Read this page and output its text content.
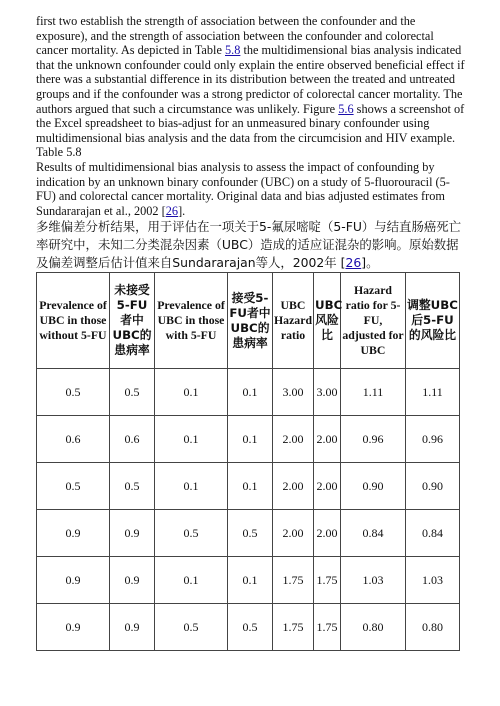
first two establish the strength of association between the confounder and the exposure), and the strength of association between the confounder and colorectal cancer mortality. As depicted in Table 5.8 the multidimensional bias analysis indicated that the unknown confounder could only explain the entire observed beneficial effect if there was a substantial difference in its distribution between the treated and untreated groups and if the confounder was a strong predictor of colorectal cancer mortality. The authors argued that such a circumstance was unlikely. Figure 5.6 shows a screenshot of the Excel spreadsheet to bias-adjust for an unmeasured binary confounder using multidimensional bias analysis and the data from the circumcision and HIV example.

Table 5.8

Results of multidimensional bias analysis to assess the impact of confounding by indication by an unknown binary confounder (UBC) on a study of 5-fluorouracil (5-FU) and colorectal cancer mortality. Original data and bias adjusted estimates from Sundararajan et al., 2002 [26].

多维偏差分析结果，用于评估在一项关于5-氟尿嘧啶（5-FU）与结直肠癌死亡率研究中，未知二分类混杂因素（UBC）造成的适应证混杂的影响。原始数据及偏差调整后估计值来自Sundararajan等人，2002年 [26]。

Prevalence of UBC in those without 5-FU	未接受5-FU者中UBC的患病率	Prevalence of UBC in those with 5-FU	接受5-FU者中UBC的患病率	UBC Hazard ratio	UBC风险比	Hazard ratio for 5-FU, adjusted for UBC	调整UBC后5-FU的风险比
0.5	0.5	0.1	0.1	3.00	3.00	1.11	1.11
0.6	0.6	0.1	0.1	2.00	2.00	0.96	0.96
0.5	0.5	0.1	0.1	2.00	2.00	0.90	0.90
0.9	0.9	0.5	0.5	2.00	2.00	0.84	0.84
0.9	0.9	0.1	0.1	1.75	1.75	1.03	1.03
0.9	0.9	0.5	0.5	1.75	1.75	0.80	0.80
